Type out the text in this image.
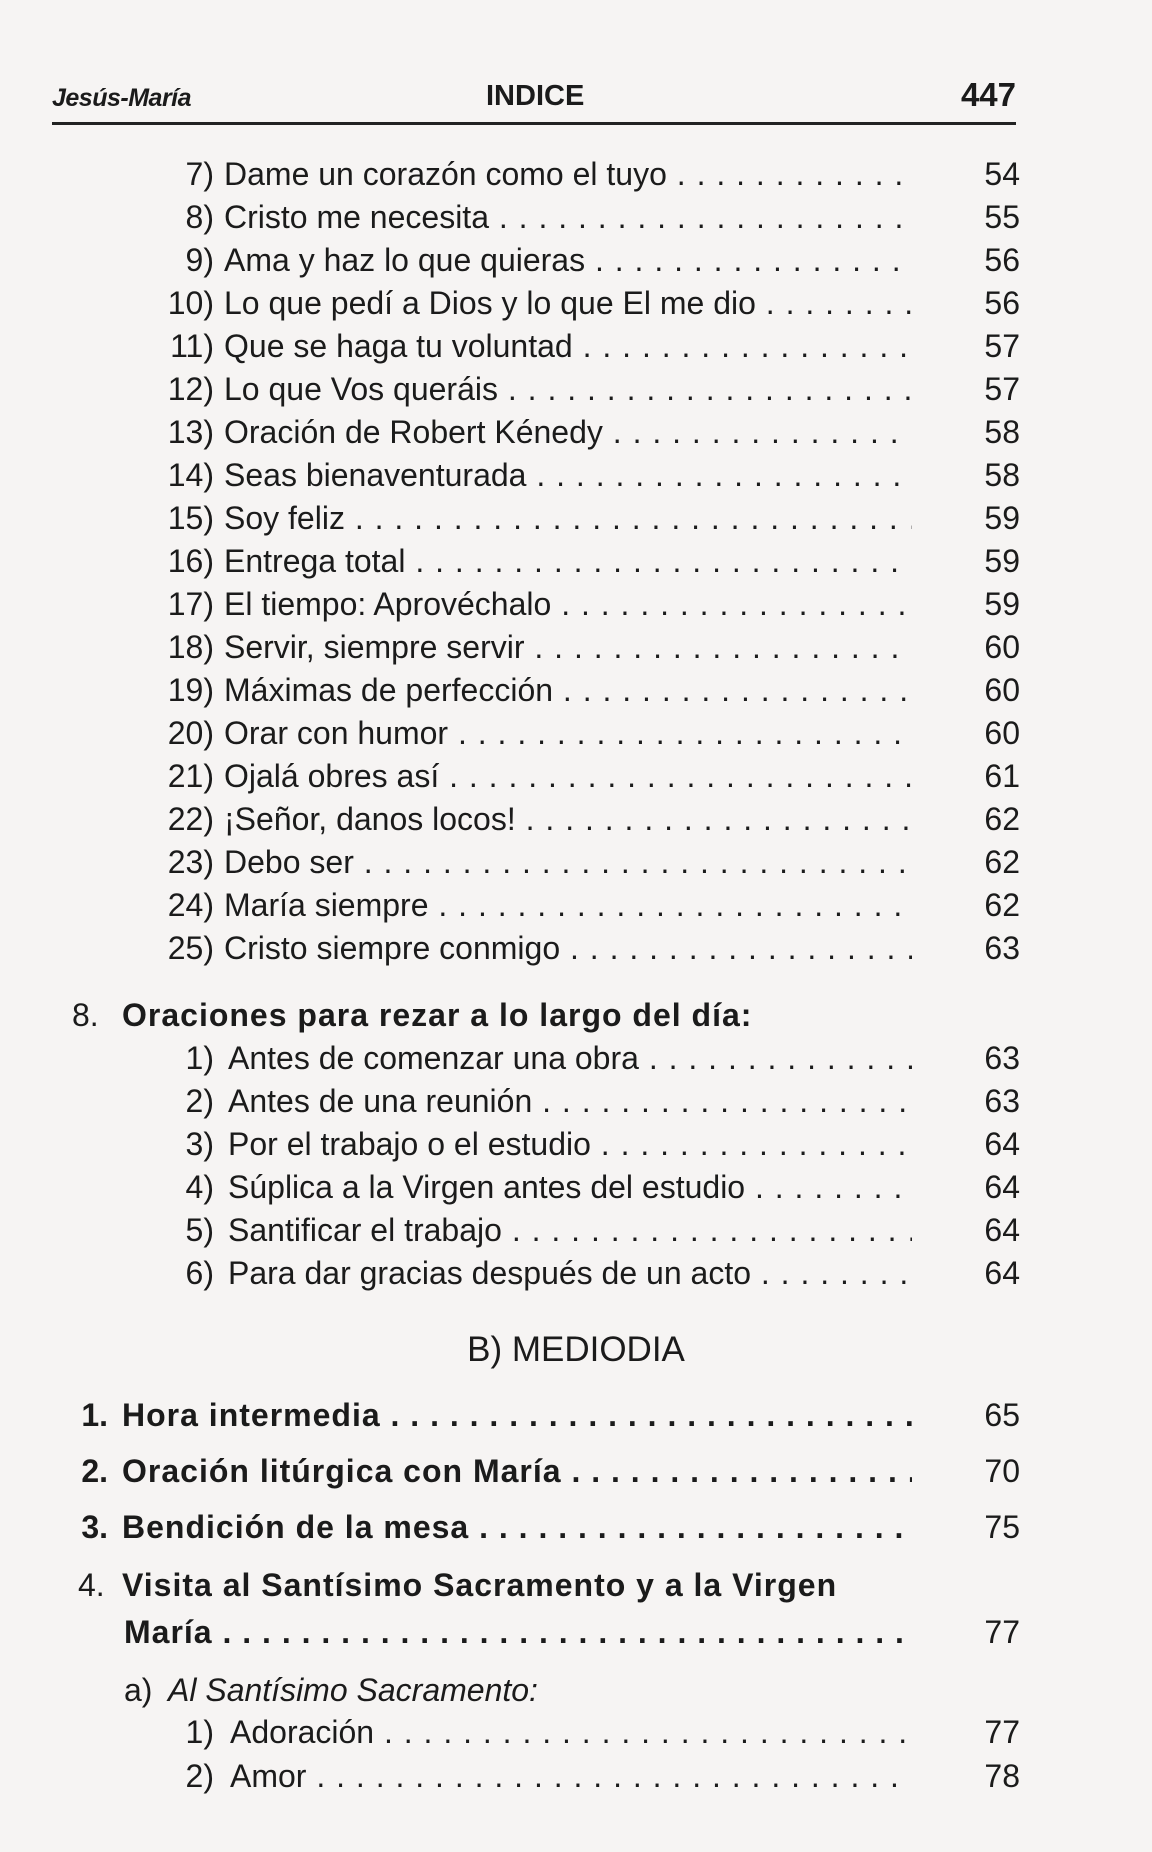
Jesús-María	INDICE	447
7) Dame un corazón como el tuyo . . .	54
8) Cristo me necesita . . .	55
9) Ama y haz lo que quieras . . .	56
10) Lo que pedí a Dios y lo que El me dio . . .	56
11) Que se haga tu voluntad . . .	57
12) Lo que Vos queráis . . .	57
13) Oración de Robert Kénedy . . .	58
14) Seas bienaventurada . . .	58
15) Soy feliz . . .	59
16) Entrega total . . .	59
17) El tiempo: Aprovéchalo . . .	59
18) Servir, siempre servir . . .	60
19) Máximas de perfección . . .	60
20) Orar con humor . . .	60
21) Ojalá obres así . . .	61
22) ¡Señor, danos locos! . . .	62
23) Debo ser . . .	62
24) María siempre . . .	62
25) Cristo siempre conmigo . . .	63
8. Oraciones para rezar a lo largo del día:
1) Antes de comenzar una obra . . .	63
2) Antes de una reunión . . .	63
3) Por el trabajo o el estudio . . .	64
4) Súplica a la Virgen antes del estudio . . .	64
5) Santificar el trabajo . . .	64
6) Para dar gracias después de un acto . . .	64
B) MEDIODIA
1. Hora intermedia . . .	65
2. Oración litúrgica con María . . .	70
3. Bendición de la mesa . . .	75
4. Visita al Santísimo Sacramento y a la Virgen
María . . .	77
a) Al Santísimo Sacramento:
1) Adoración . . .	77
2) Amor . . .	78
